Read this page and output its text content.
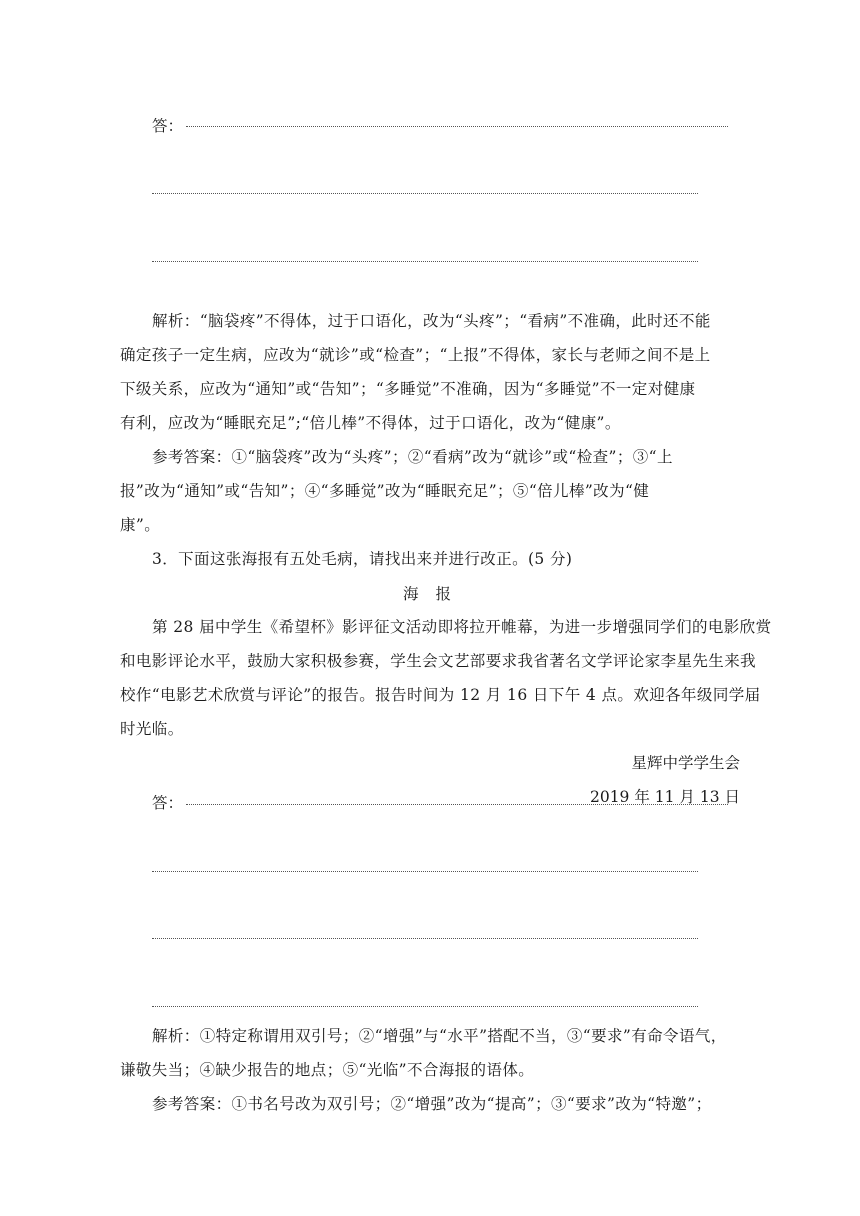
答：
解析：“脑袋疼”不得体，过于口语化，改为“头疼”；“看病”不准确，此时还不能
确定孩子一定生病，应改为“就诊”或“检查”；“上报”不得体，家长与老师之间不是上
下级关系，应改为“通知”或“告知”；“多睡觉”不准确，因为“多睡觉”不一定对健康
有利，应改为“睡眠充足”;“倍儿棒”不得体，过于口语化，改为“健康”。
参考答案：①“脑袋疼”改为“头疼”；②“看病”改为“就诊”或“检查”；③“上
报”改为“通知”或“告知”；④“多睡觉”改为“睡眠充足”；⑤“倍儿棒”改为“健
康”。
3．下面这张海报有五处毛病，请找出来并进行改正。(5 分)
海 报
第 28 届中学生《希望杯》影评征文活动即将拉开帷幕，为进一步增强同学们的电影欣赏
和电影评论水平，鼓励大家积极参赛，学生会文艺部要求我省著名文学评论家李星先生来我
校作“电影艺术欣赏与评论”的报告。报告时间为 12 月 16 日下午 4 点。欢迎各年级同学届
时光临。
星辉中学学生会
2019 年 11 月 13 日
答：
解析：①特定称谓用双引号；②“增强”与“水平”搭配不当，③“要求”有命令语气，
谦敬失当；④缺少报告的地点；⑤“光临”不合海报的语体。
参考答案：①书名号改为双引号；②“增强”改为“提高”；③“要求”改为“特邀”；
